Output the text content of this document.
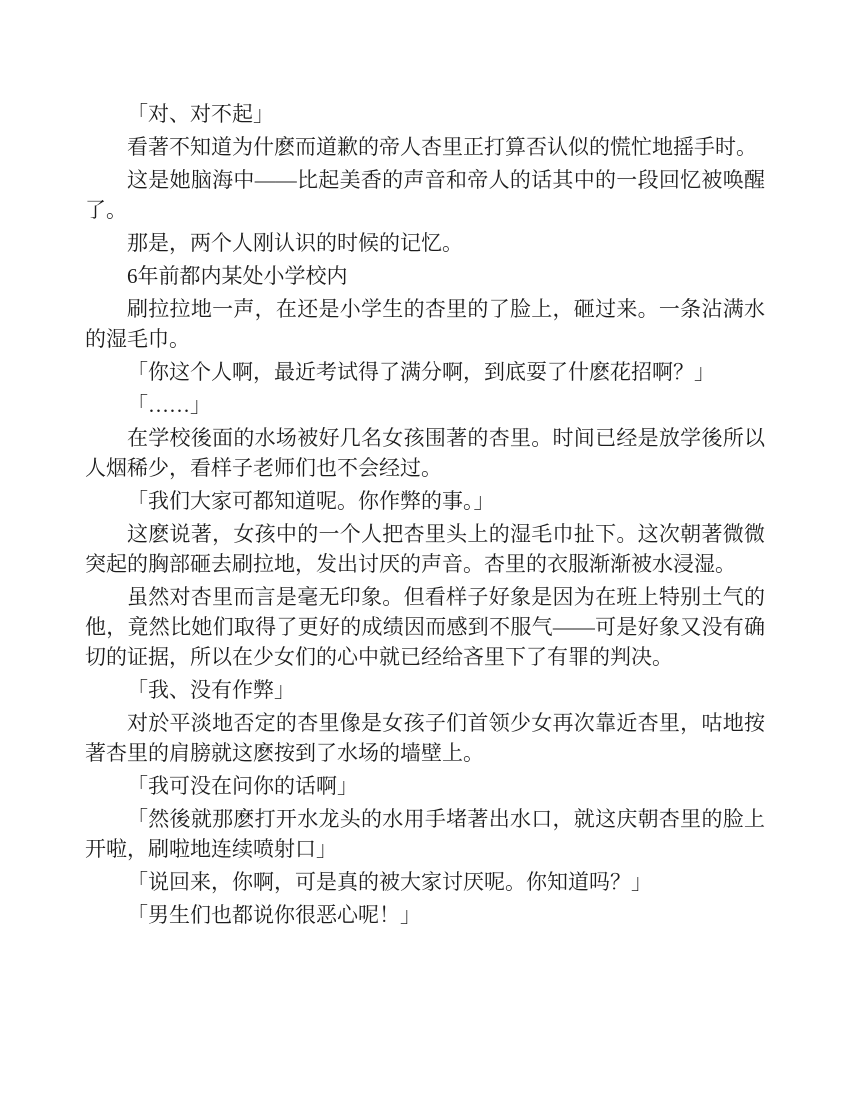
「对、对不起」

看著不知道为什麽而道歉的帝人杏里正打算否认似的慌忙地摇手时。

这是她脑海中——比起美香的声音和帝人的话其中的一段回忆被唤醒了。

那是，两个人刚认识的时候的记忆。

6年前都内某处小学校内

刷拉拉地一声，在还是小学生的杏里的了脸上，砸过来。一条沾满水的湿毛巾。

「你这个人啊，最近考试得了满分啊，到底耍了什麽花招啊？」

「……」

在学校後面的水场被好几名女孩围著的杏里。时间已经是放学後所以人烟稀少，看样子老师们也不会经过。

「我们大家可都知道呢。你作弊的事。」

这麽说著，女孩中的一个人把杏里头上的湿毛巾扯下。这次朝著微微突起的胸部砸去刷拉地，发出讨厌的声音。杏里的衣服渐渐被水浸湿。

虽然对杏里而言是毫无印象。但看样子好象是因为在班上特别土气的他，竟然比她们取得了更好的成绩因而感到不服气——可是好象又没有确切的证据，所以在少女们的心中就已经给吝里下了有罪的判决。

「我、没有作弊」

对於平淡地否定的杏里像是女孩子们首领少女再次靠近杏里，咕地按著杏里的肩膀就这麽按到了水场的墙壁上。

「我可没在问你的话啊」

「然後就那麽打开水龙头的水用手堵著出水口，就这庆朝杏里的脸上开啦，刷啦地连续喷射口」

「说回来，你啊，可是真的被大家讨厌呢。你知道吗？」

「男生们也都说你很恶心呢！」
